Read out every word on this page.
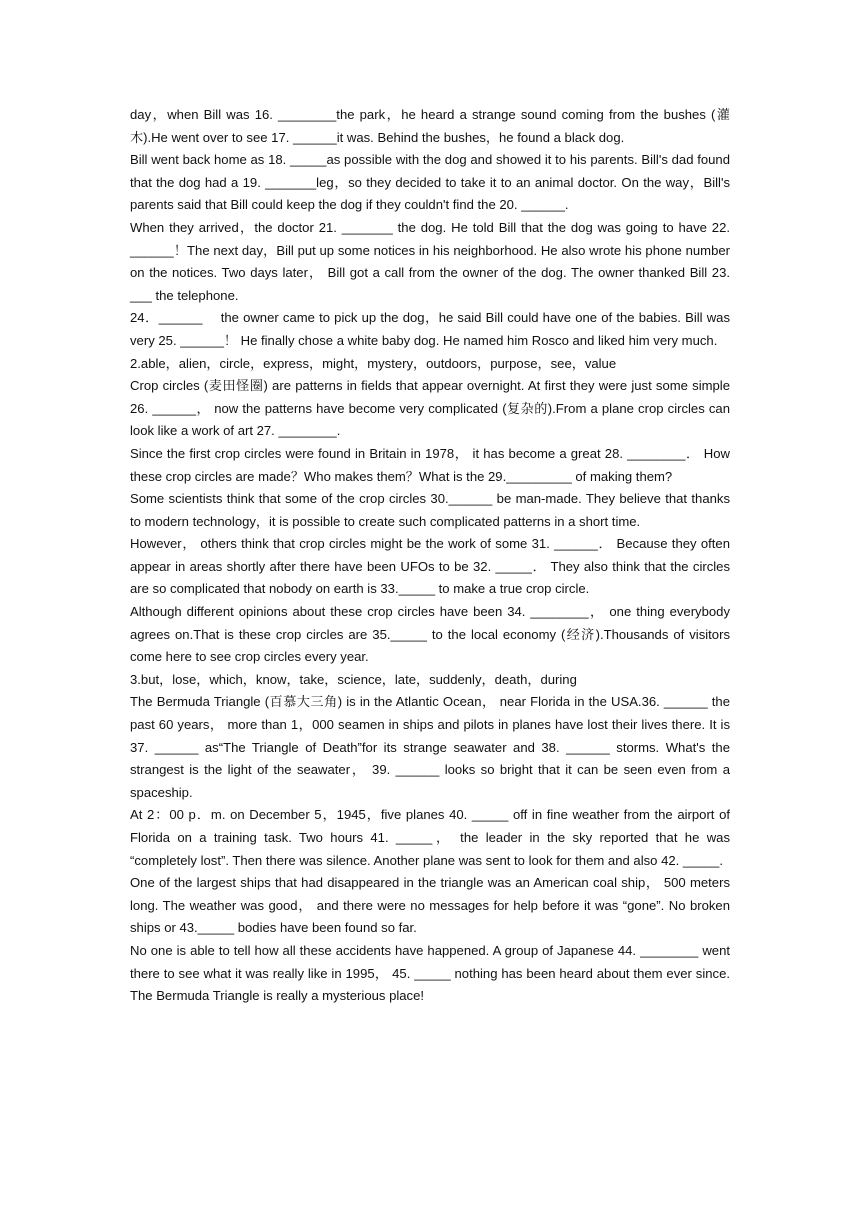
day，when Bill was 16. ________the park，he heard a strange sound coming from the bushes (灌木).He went over to see 17. ______it was. Behind the bushes，he found a black dog.

Bill went back home as 18. _____as possible with the dog and showed it to his parents. Bill's dad found that the dog had a 19. _______leg，so they decided to take it to an animal doctor. On the way，Bill's parents said that Bill could keep the dog if they couldn't find the 20. ______.

When they arrived，the doctor 21. _______ the dog. He told Bill that the dog was going to have 22. ______！The next day，Bill put up some notices in his neighborhood. He also wrote his phone number on the notices. Two days later， Bill got a call from the owner of the dog. The owner thanked Bill 23. ___ the telephone.

24．______　 the owner came to pick up the dog，he said Bill could have one of the babies. Bill was very 25. ______！ He finally chose a white baby dog. He named him Rosco and liked him very much.

2.able，alien，circle，express，might，mystery，outdoors，purpose，see，value

Crop circles (麦田怪圈) are patterns in fields that appear overnight. At first they were just some simple 26. ______， now the patterns have become very complicated (复杂的).From a plane crop circles can look like a work of art 27. ________.

Since the first crop circles were found in Britain in 1978， it has become a great 28. ________． How these crop circles are made？Who makes them？What is the 29._________ of making them?

Some scientists think that some of the crop circles 30.______ be man-made. They believe that thanks to modern technology，it is possible to create such complicated patterns in a short time.

However， others think that crop circles might be the work of some 31. ______． Because they often appear in areas shortly after there have been UFOs to be 32. _____． They also think that the circles are so complicated that nobody on earth is 33._____ to make a true crop circle.

Although different opinions about these crop circles have been 34. ________， one thing everybody agrees on.That is these crop circles are 35._____ to the local economy (经济).Thousands of visitors come here to see crop circles every year.

3.but，lose，which，know，take，science，late，suddenly，death，during

The Bermuda Triangle (百慕大三角) is in the Atlantic Ocean， near Florida in the USA.36. ______ the past 60 years， more than 1，000 seamen in ships and pilots in planes have lost their lives there. It is 37. ______ as“The Triangle of Death”for its strange seawater and 38. ______ storms. What's the strangest is the light of the seawater， 39. ______ looks so bright that it can be seen even from a spaceship.

At 2：00 p．m. on December 5，1945，five planes 40. _____ off in fine weather from the airport of Florida on a training task. Two hours 41. _____， the leader in the sky reported that he was “completely lost”. Then there was silence. Another plane was sent to look for them and also 42. _____.

One of the largest ships that had disappeared in the triangle was an American coal ship， 500 meters long. The weather was good， and there were no messages for help before it was “gone”. No broken ships or 43._____ bodies have been found so far.

No one is able to tell how all these accidents have happened. A group of Japanese 44. ________ went there to see what it was really like in 1995， 45. _____ nothing has been heard about them ever since. The Bermuda Triangle is really a mysterious place!
